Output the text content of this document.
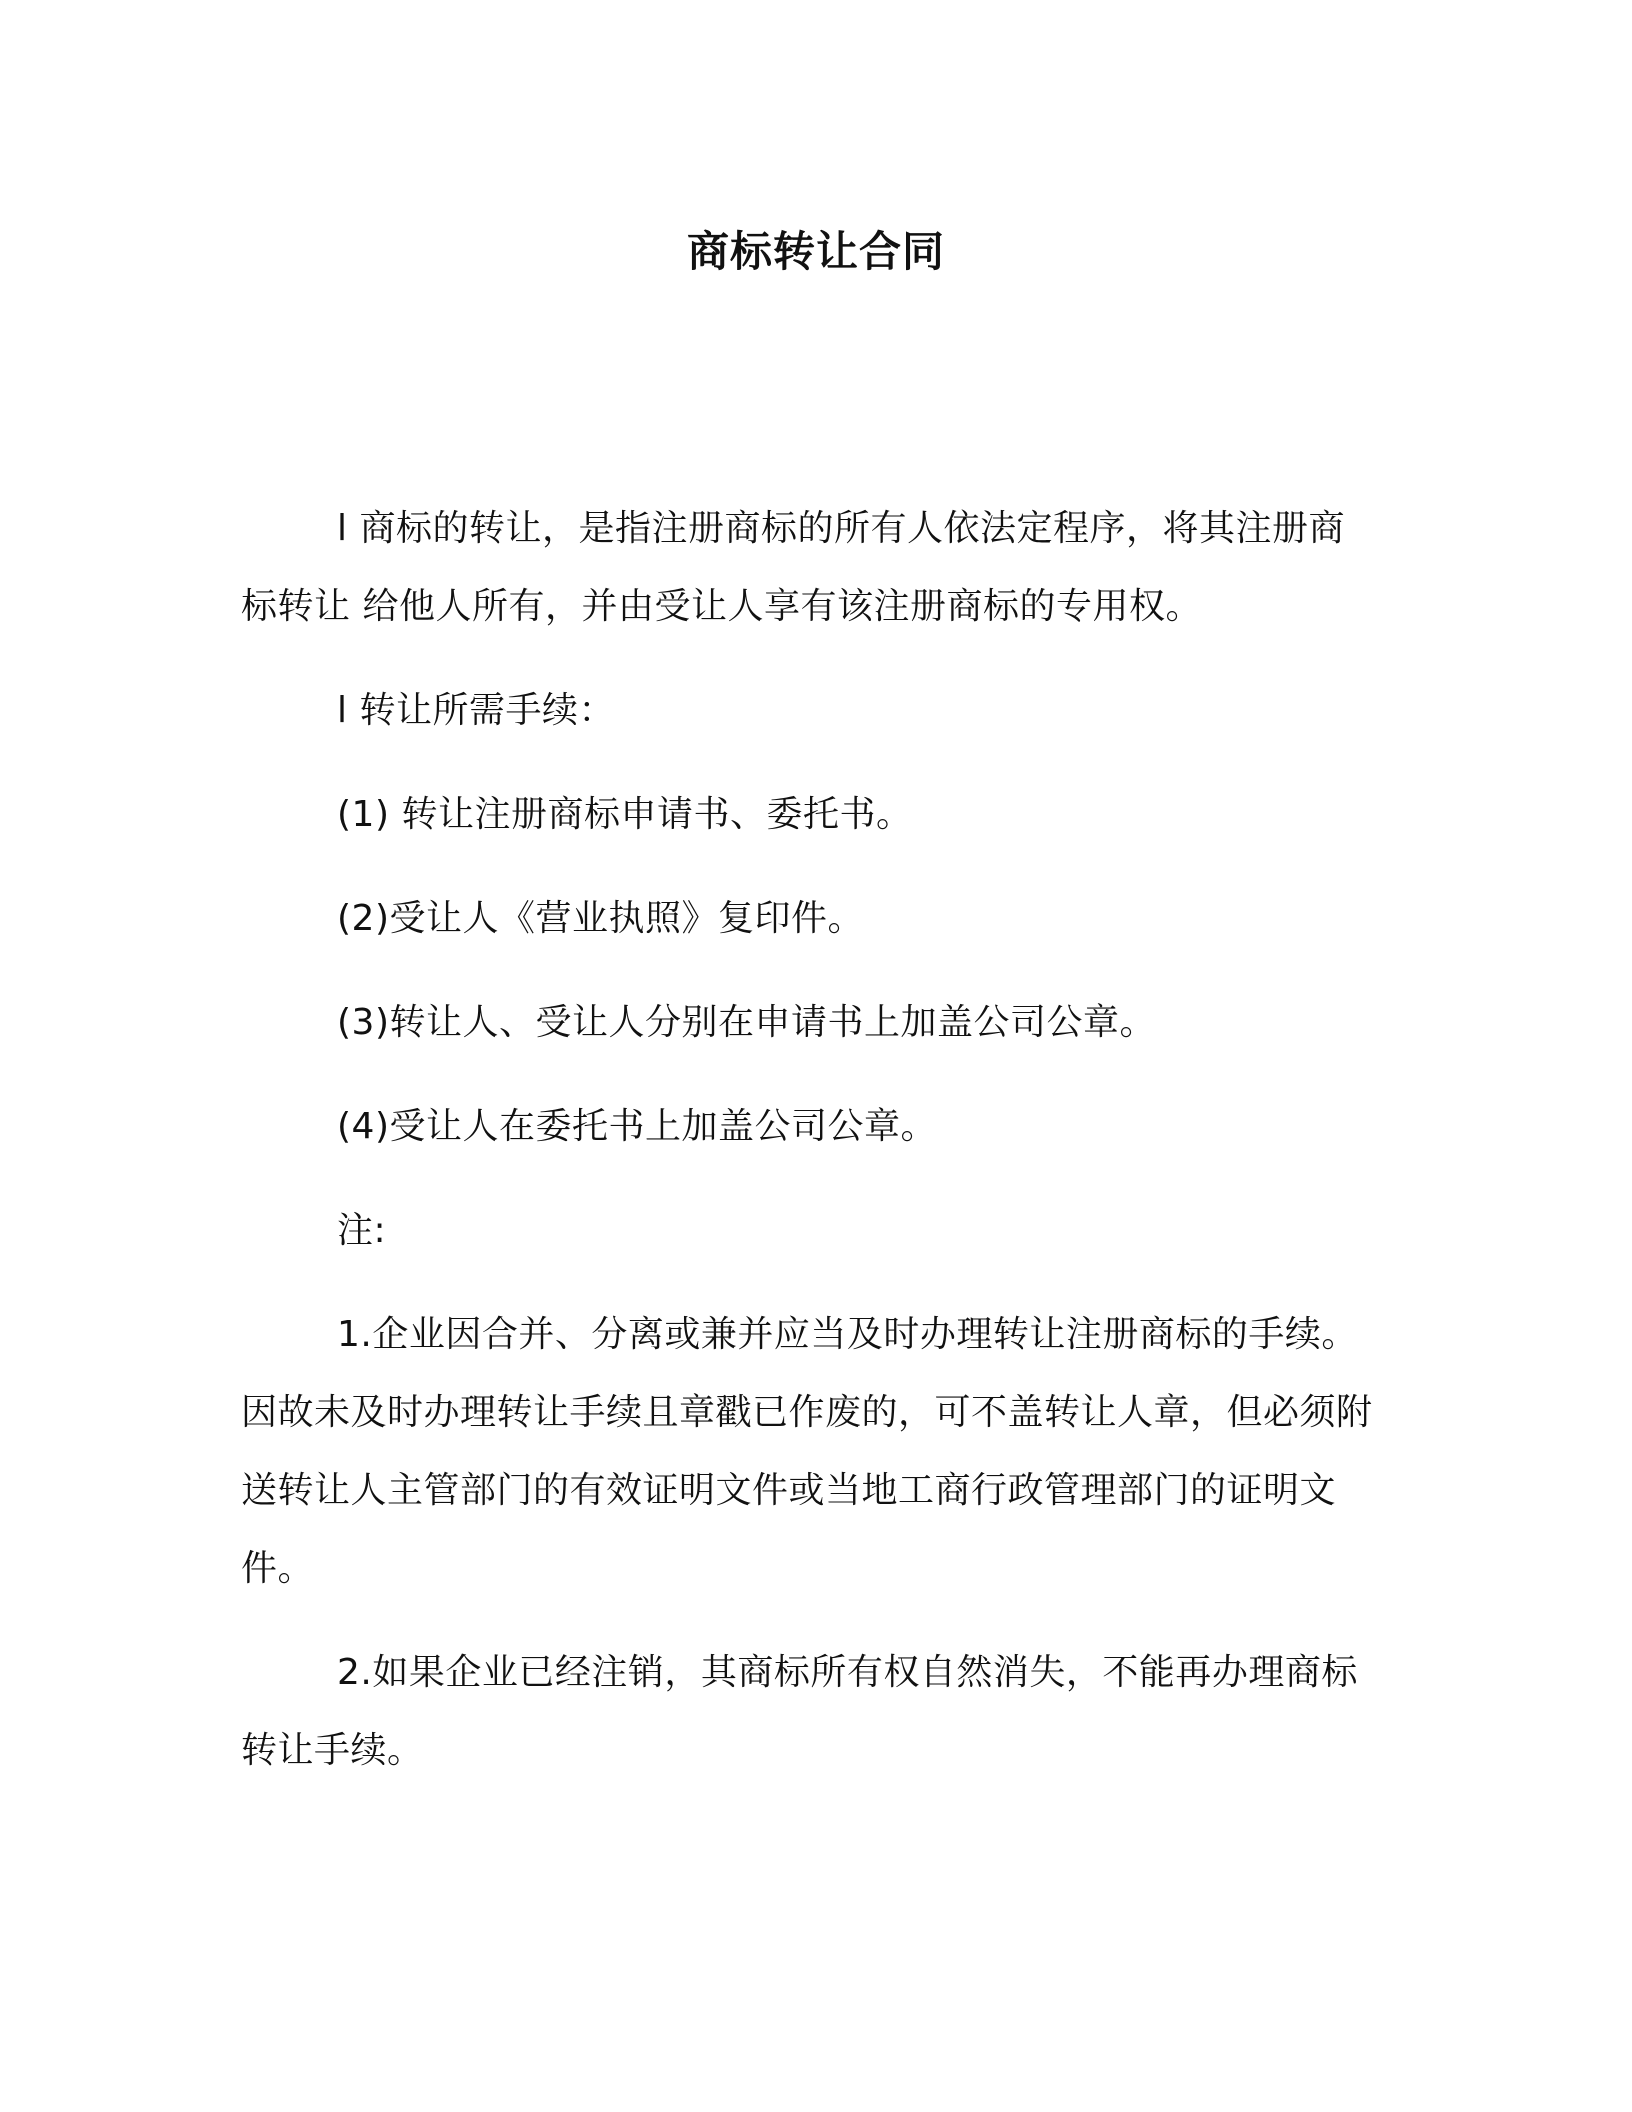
商标转让合同

l 商标的转让，是指注册商标的所有人依法定程序，将其注册商标转让 给他人所有，并由受让人享有该注册商标的专用权。

l 转让所需手续：

(1) 转让注册商标申请书、委托书。

(2)受让人《营业执照》复印件。

(3)转让人、受让人分别在申请书上加盖公司公章。

(4)受让人在委托书上加盖公司公章。

注:

1.企业因合并、分离或兼并应当及时办理转让注册商标的手续。因故未及时办理转让手续且章戳已作废的，可不盖转让人章，但必须附送转让人主管部门的有效证明文件或当地工商行政管理部门的证明文件。

2.如果企业已经注销，其商标所有权自然消失，不能再办理商标转让手续。
